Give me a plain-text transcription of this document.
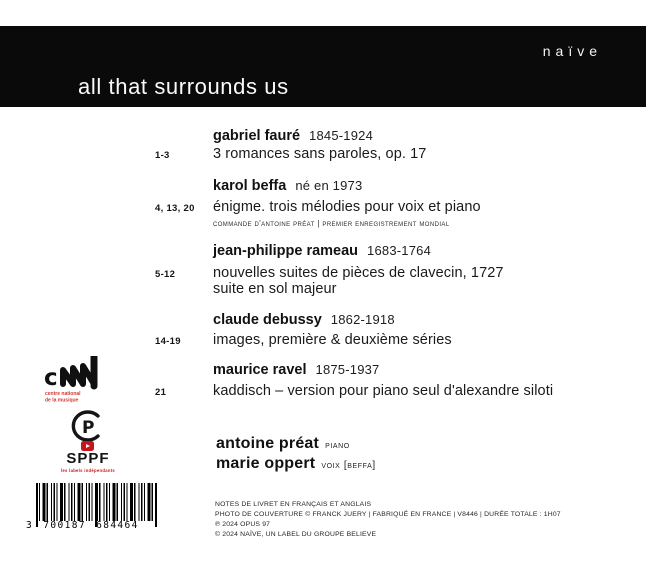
naïve
all that surrounds us
gabriel fauré 1845-1924
1-3	3 romances sans paroles, op. 17
karol beffa né en 1973
4, 13, 20 énigme. trois mélodies pour voix et piano
commande d'antoine préat | premier enregistrement mondial
jean-philippe rameau 1683-1764
5-12	nouvelles suites de pièces de clavecin, 1727
suite en sol majeur
claude debussy 1862-1918
14-19 images, première & deuxième séries
maurice ravel 1875-1937
21	kaddisch – version pour piano seul d'alexandre siloti
antoine préat piano
marie oppert voix [beffa]
c
centre national
de la musique
P
SPPF
les labels indépendants
3 700187 684464
NOTES DE LIVRET EN FRANÇAIS ET ANGLAIS
PHOTO DE COUVERTURE © FRANCK JUERY | FABRIQUÉ EN FRANCE | V8446 | DURÉE TOTALE : 1H07
℗ 2024 OPUS 97
© 2024 NAÏVE, UN LABEL DU GROUPE BELIEVE
